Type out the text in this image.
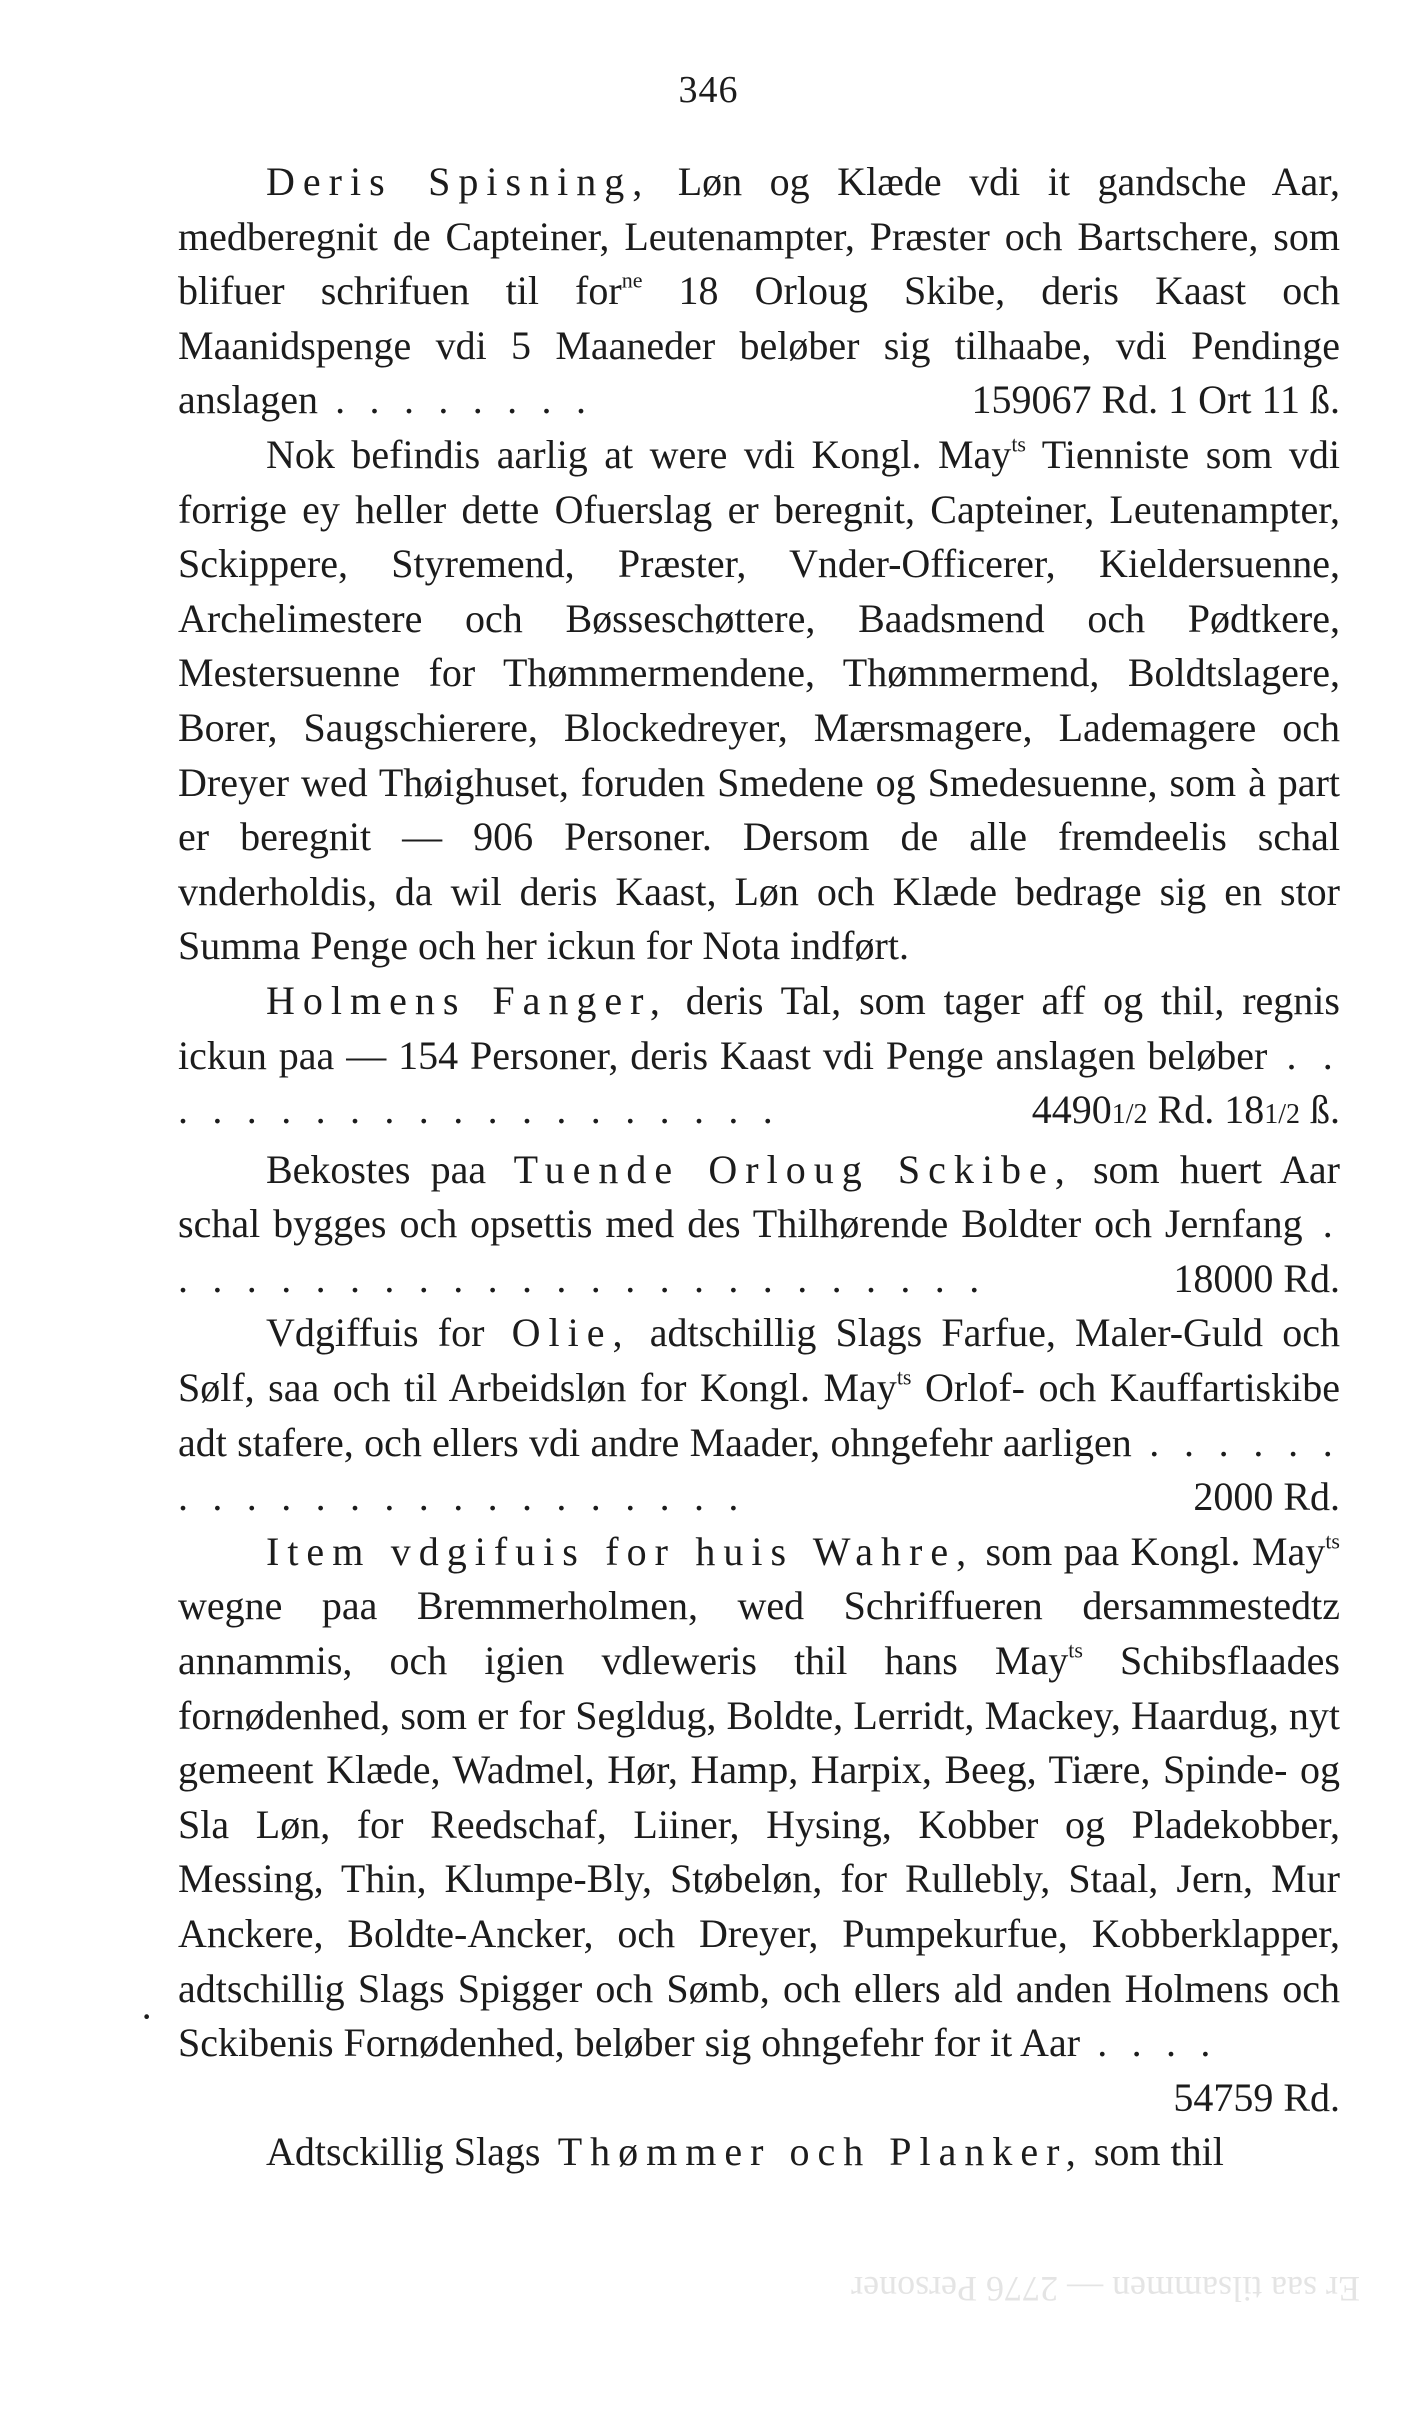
346

Deris Spisning, Løn og Klæde vdi it gandsche Aar, medberegnit de Capteiner, Leutenampter, Præster och Bartschere, som blifuer schrifuen til for$^{ne}$ 18 Orloug Skibe, deris Kaast och Maanidspenge vdi 5 Maaneder beløber sig tilhaabe, vdi Pendinge anslagen . . . . . . . .	159067 Rd. 1 Ort 11 ß.

Nok befindis aarlig at were vdi Kongl. May$^{ts}$ Tienniste som vdi forrige ey heller dette Ofuerslag er beregnit, Capteiner, Leutenampter, Sckippere, Styremend, Præster, Vnder-Officerer, Kieldersuenne, Archelimestere och Bøsseschøttere, Baadsmend och Pødtkere, Mestersuenne for Thømmermendene, Thømmermend, Boldtslagere, Borer, Saugschierere, Blockedreyer, Mærsmagere, Lademagere och Dreyer wed Thøighuset, foruden Smedene og Smedesuenne, som à part er beregnit — 906 Personer. Dersom de alle fremdeelis schal vnderholdis, da wil deris Kaast, Løn och Klæde bedrage sig en stor Summa Penge och her ickun for Nota indført.

Holmens Fanger, deris Tal, som tager aff og thil, regnis ickun paa — 154 Personer, deris Kaast vdi Penge anslagen beløber . . . . . . . . . . . . . . . . . . . .	44901/2 Rd. 181/2 ß.

Bekostes paa Tuende Orloug Sckibe, som huert Aar schal bygges och opsettis med des Thilhørende Boldter och Jernfang . . . . . . . . . . . . . . . . . . . . . . . . .	18000 Rd.

Vdgiffuis for Olie, adtschillig Slags Farfue, Maler-Guld och Sølf, saa och til Arbeidsløn for Kongl. May$^{ts}$ Orlof- och Kauffartiskibe adt stafere, och ellers vdi andre Maader, ohngefehr aarligen . . . . . . . . . . . . . . . . . . . . . . .	2000 Rd.

Item vdgifuis for huis Wahre, som paa Kongl. May$^{ts}$ wegne paa Bremmerholmen, wed Schriffueren dersammestedtz annammis, och igien vdleweris thil hans May$^{ts}$ Schibsflaades fornødenhed, som er for Segldug, Boldte, Lerridt, Mackey, Haardug, nyt gemeent Klæde, Wadmel, Hør, Hamp, Harpix, Beeg, Tiære, Spinde- og Sla Løn, for Reedschaf, Liiner, Hysing, Kobber og Pladekobber, Messing, Thin, Klumpe-Bly, Støbeløn, for Rullebly, Staal, Jern, Mur Anckere, Boldte-Ancker, och Dreyer, Pumpekurfue, Kobberklapper, adtschillig Slags Spigger och Sømb, och ellers ald anden Holmens och Sckibenis Fornødenhed, beløber sig ohngefehr for it Aar . . . .
54759 Rd.

Adtsckillig Slags Thømmer och Planker, som thil

·
Er saa tilsammen — 2776 Personer
